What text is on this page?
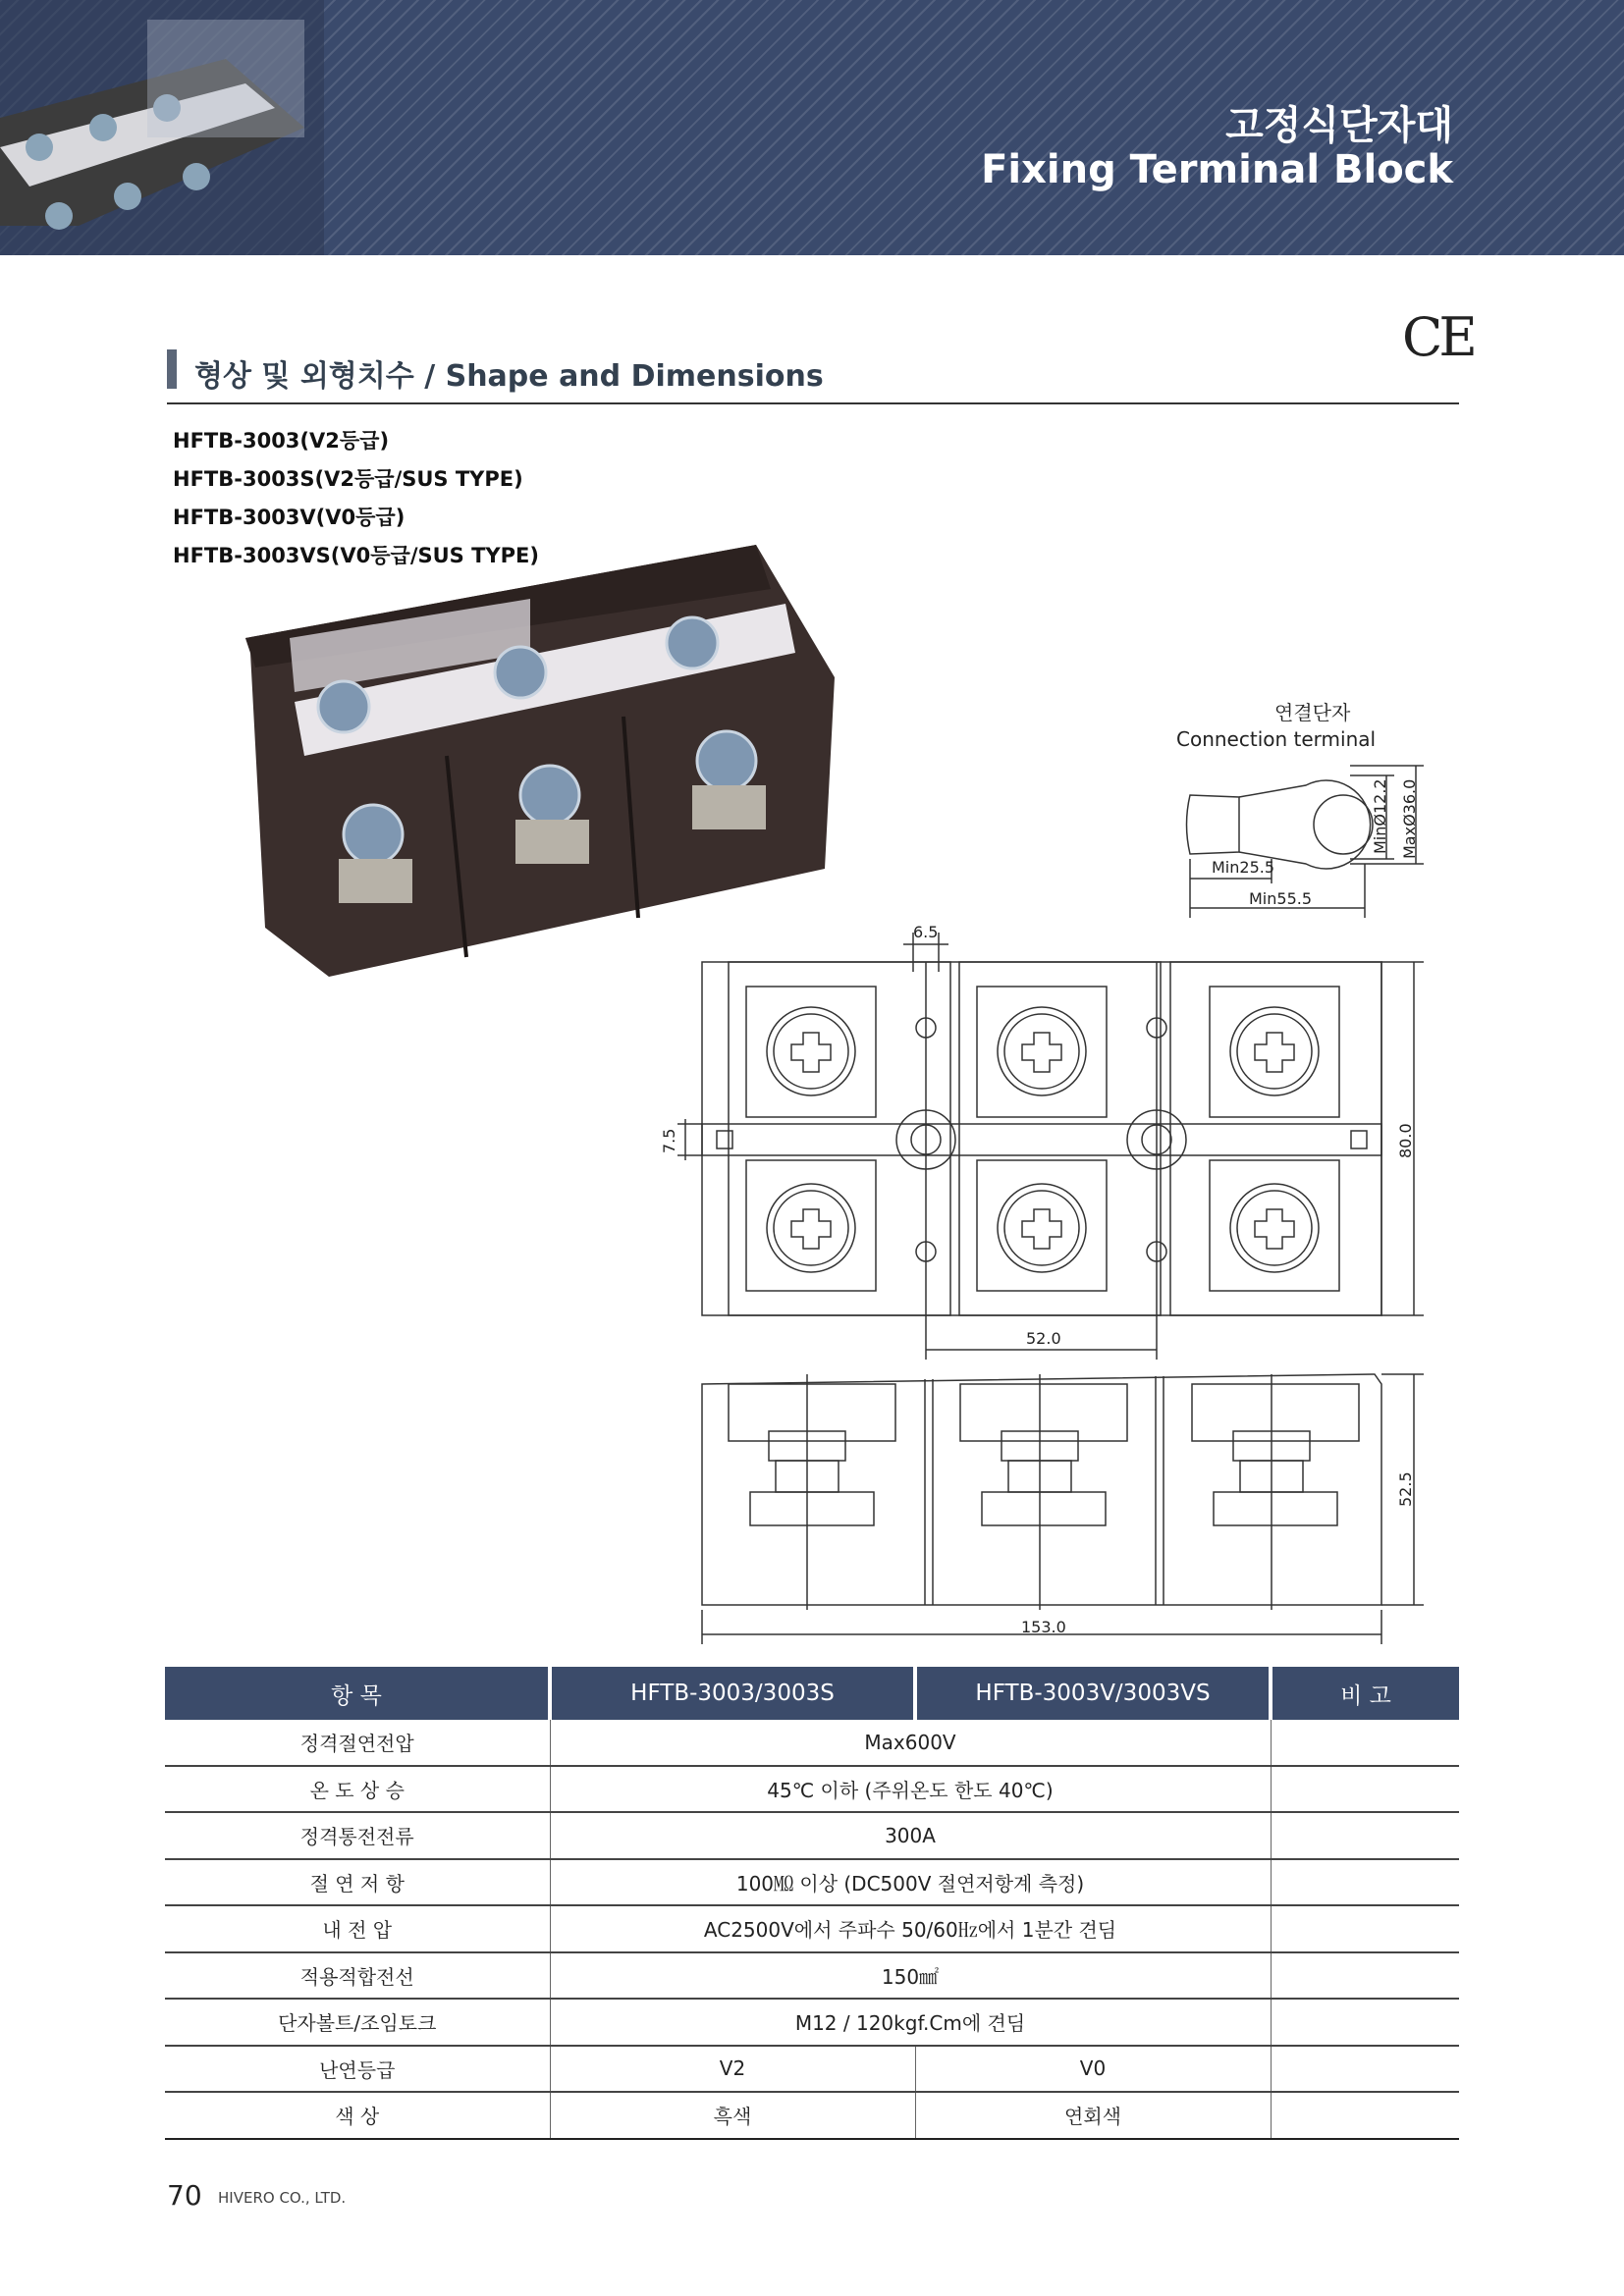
고정식단자대
Fixing Terminal Block
CE
형상 및 외형치수 / Shape and Dimensions
HFTB-3003(V2등급)
HFTB-3003S(V2등급/SUS TYPE)
HFTB-3003V(V0등급)
HFTB-3003VS(V0등급/SUS TYPE)
연결단자
Connection terminal
Min25.5
Min55.5
MinØ12.2 MaxØ36.0
6.5
7.5	80.0
52.0
52.5
153.0
항 목	HFTB-3003/3003S	HFTB-3003V/3003VS	비 고
정격절연전압	Max600V		
온 도 상 승	45℃ 이하 (주위온도 한도 40℃)		
정격통전전류	300A		
절 연 저 항	100㏁ 이상 (DC500V 절연저항계 측정)		
내 전 압	AC2500V에서 주파수 50/60㎐에서 1분간 견딤		
적용적합전선	150㎟		
단자볼트/조임토크	M12 / 120kgf.Cm에 견딤		
난연등급	V2	V0	
색 상	흑색	연회색	
70 HIVERO CO., LTD.
